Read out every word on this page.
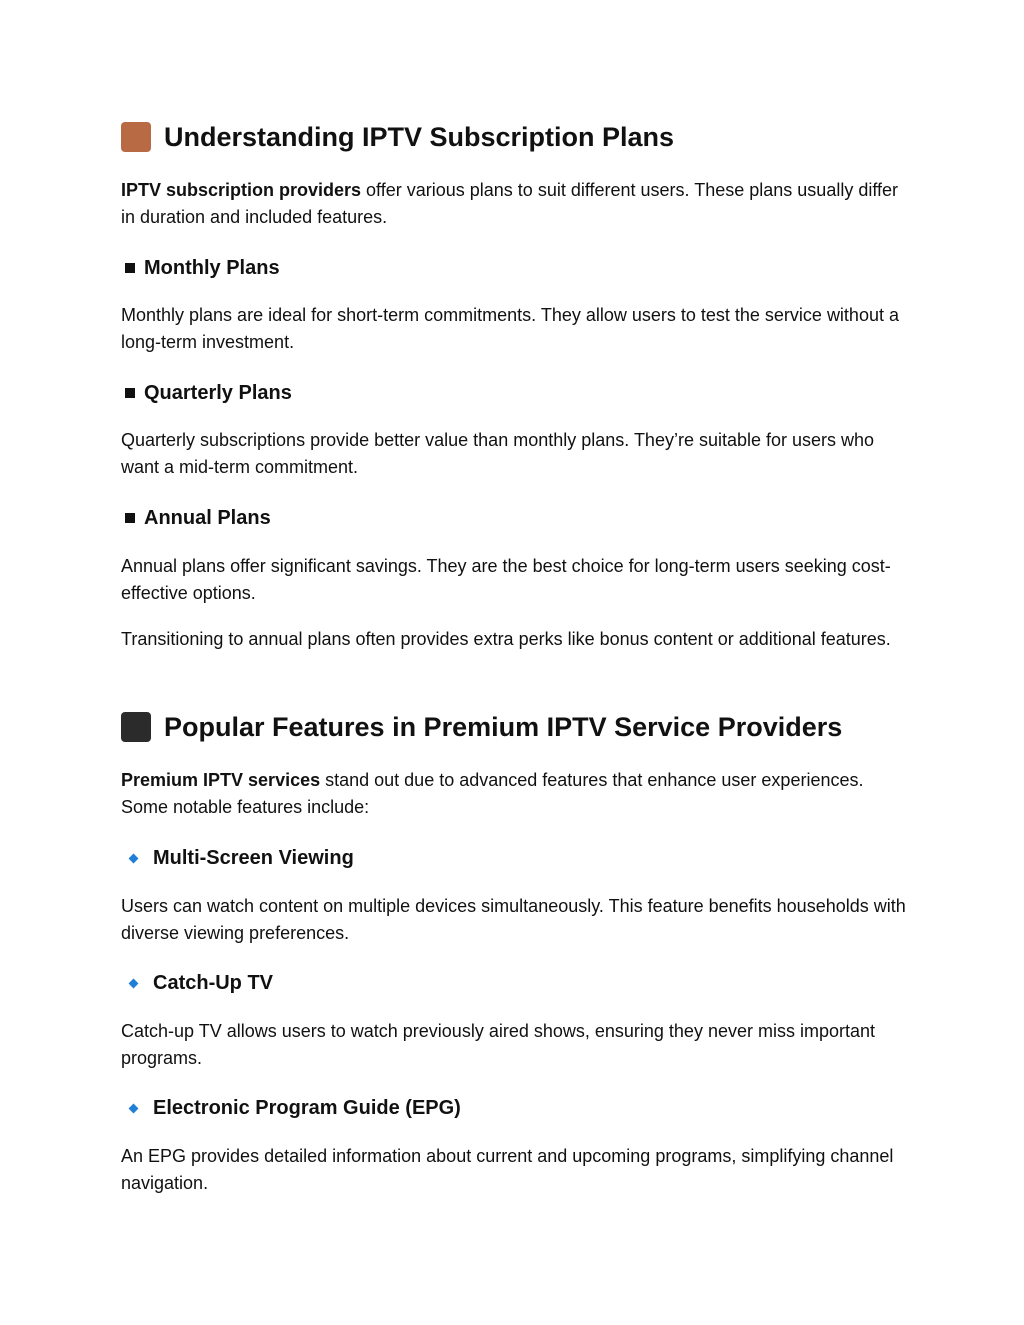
Understanding IPTV Subscription Plans

IPTV subscription providers offer various plans to suit different users. These plans usually differ in duration and included features.

Monthly Plans

Monthly plans are ideal for short-term commitments. They allow users to test the service without a long-term investment.

Quarterly Plans

Quarterly subscriptions provide better value than monthly plans. They’re suitable for users who want a mid-term commitment.

Annual Plans

Annual plans offer significant savings. They are the best choice for long-term users seeking cost-effective options.

Transitioning to annual plans often provides extra perks like bonus content or additional features.

Popular Features in Premium IPTV Service Providers

Premium IPTV services stand out due to advanced features that enhance user experiences. Some notable features include:

Multi-Screen Viewing

Users can watch content on multiple devices simultaneously. This feature benefits households with diverse viewing preferences.

Catch-Up TV

Catch-up TV allows users to watch previously aired shows, ensuring they never miss important programs.

Electronic Program Guide (EPG)

An EPG provides detailed information about current and upcoming programs, simplifying channel navigation.
